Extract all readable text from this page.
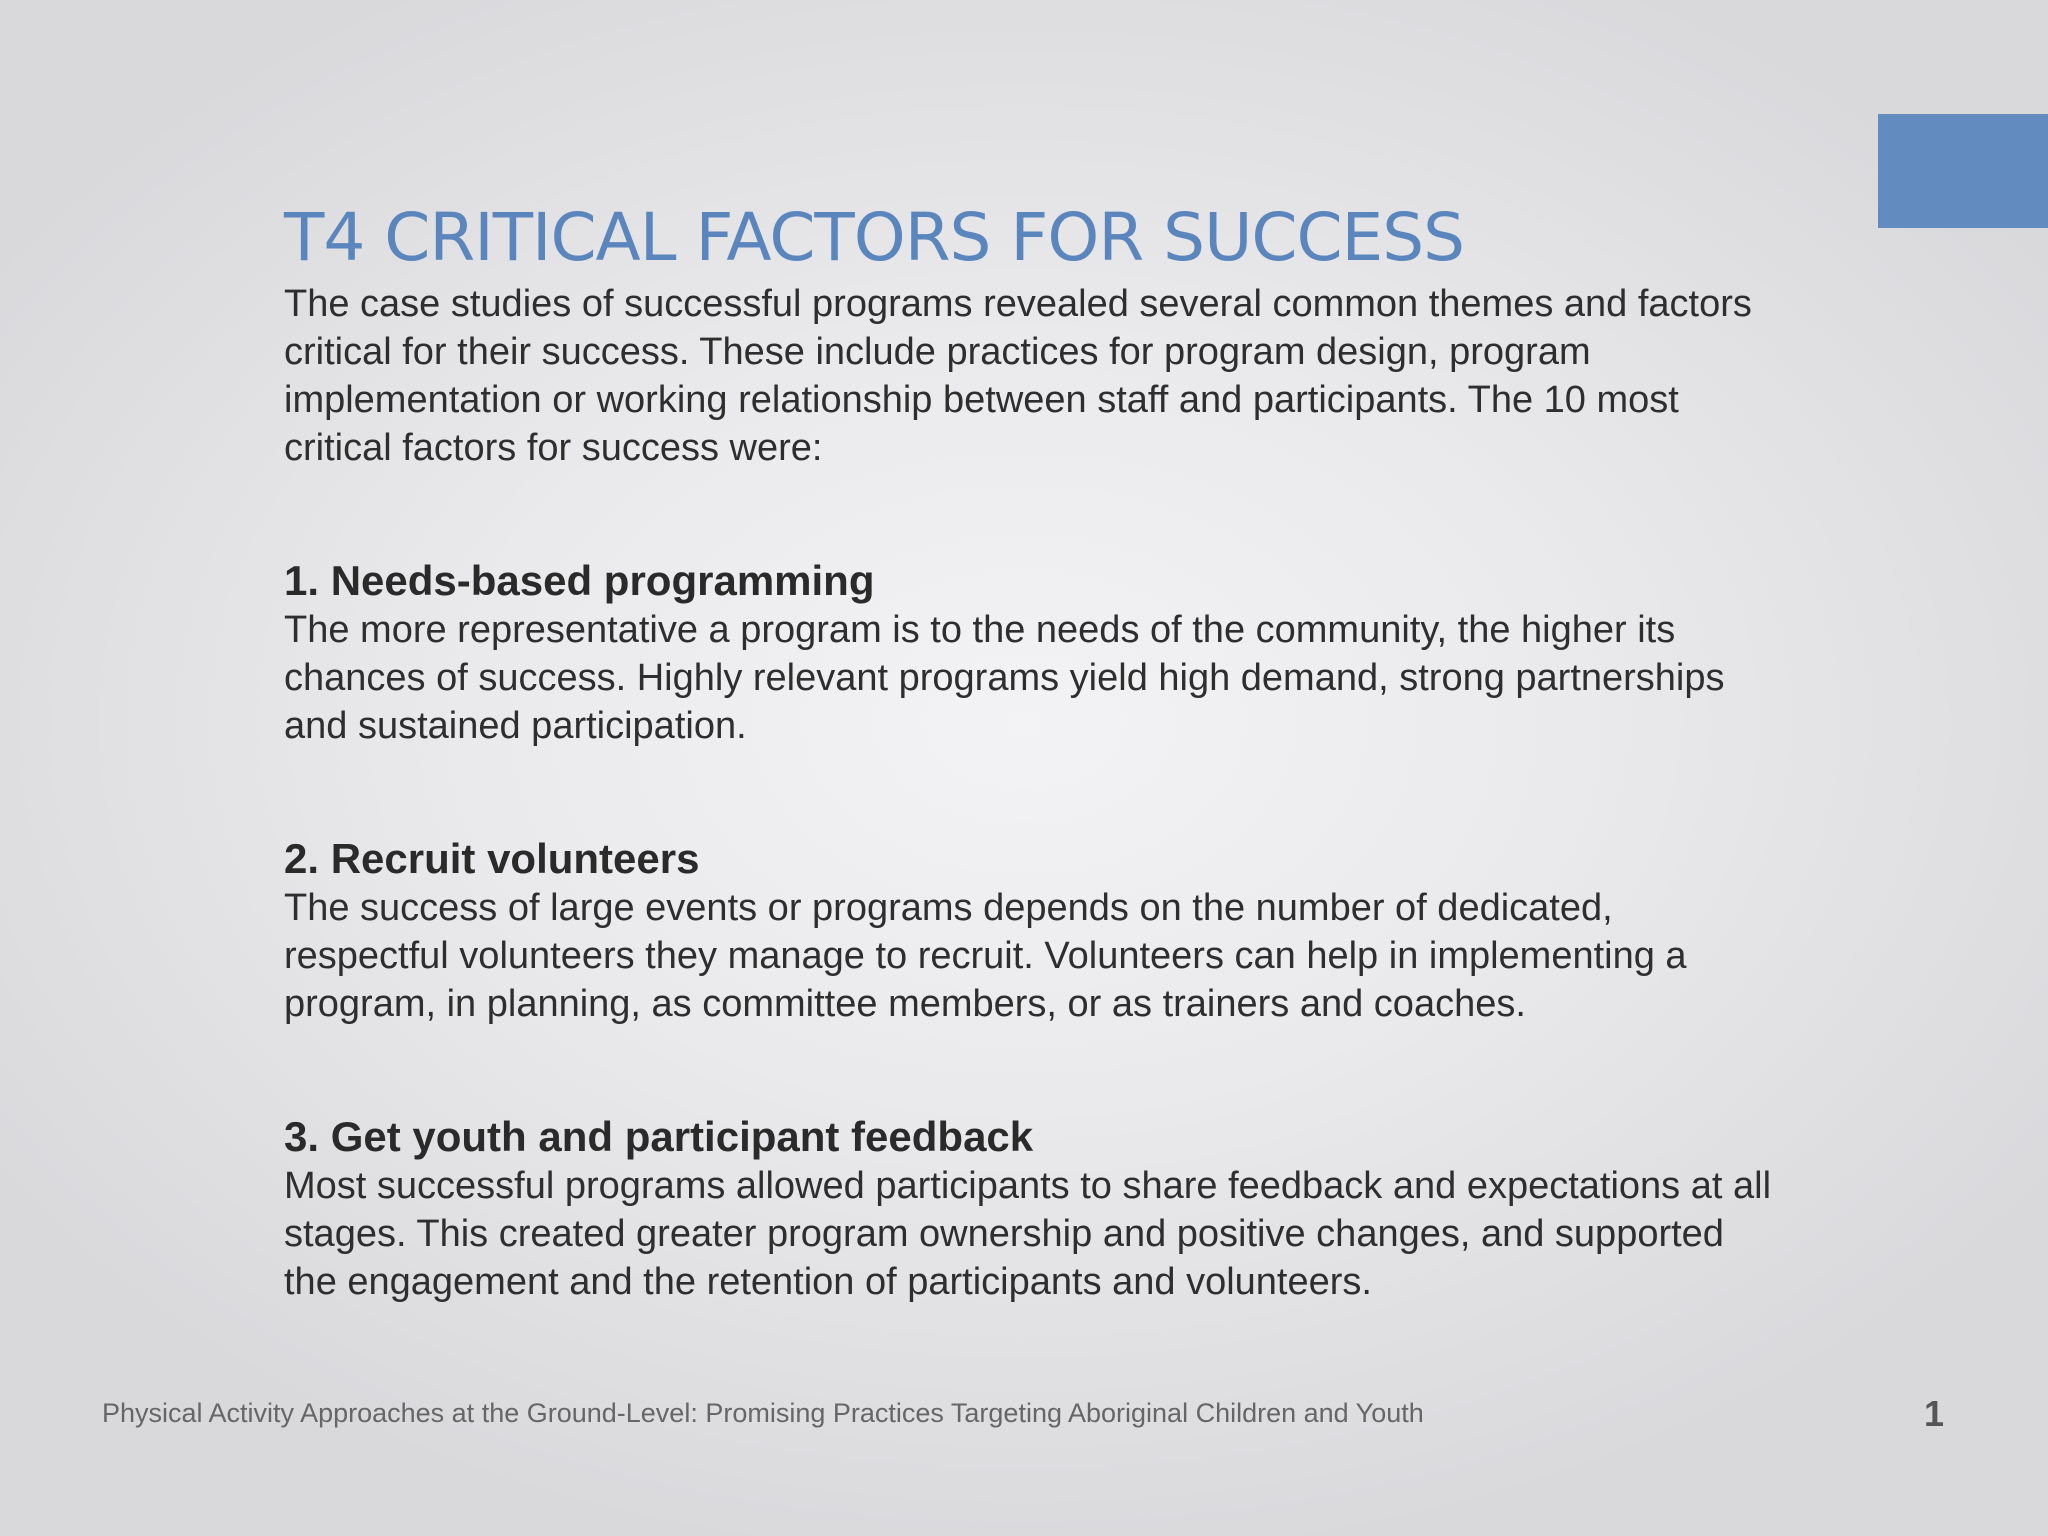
T4 CRITICAL FACTORS FOR SUCCESS

The case studies of successful programs revealed several common themes and factors critical for their success. These include practices for program design, program implementation or working relationship between staff and participants. The 10 most critical factors for success were:

1. Needs-based programming

The more representative a program is to the needs of the community, the higher its chances of success. Highly relevant programs yield high demand, strong partnerships and sustained participation.

2. Recruit volunteers

The success of large events or programs depends on the number of dedicated, respectful volunteers they manage to recruit. Volunteers can help in implementing a program, in planning, as committee members, or as trainers and coaches.

3. Get youth and participant feedback

Most successful programs allowed participants to share feedback and expectations at all stages. This created greater program ownership and positive changes, and supported the engagement and the retention of participants and volunteers.

Physical Activity Approaches at the Ground-Level: Promising Practices Targeting Aboriginal Children and Youth	1
